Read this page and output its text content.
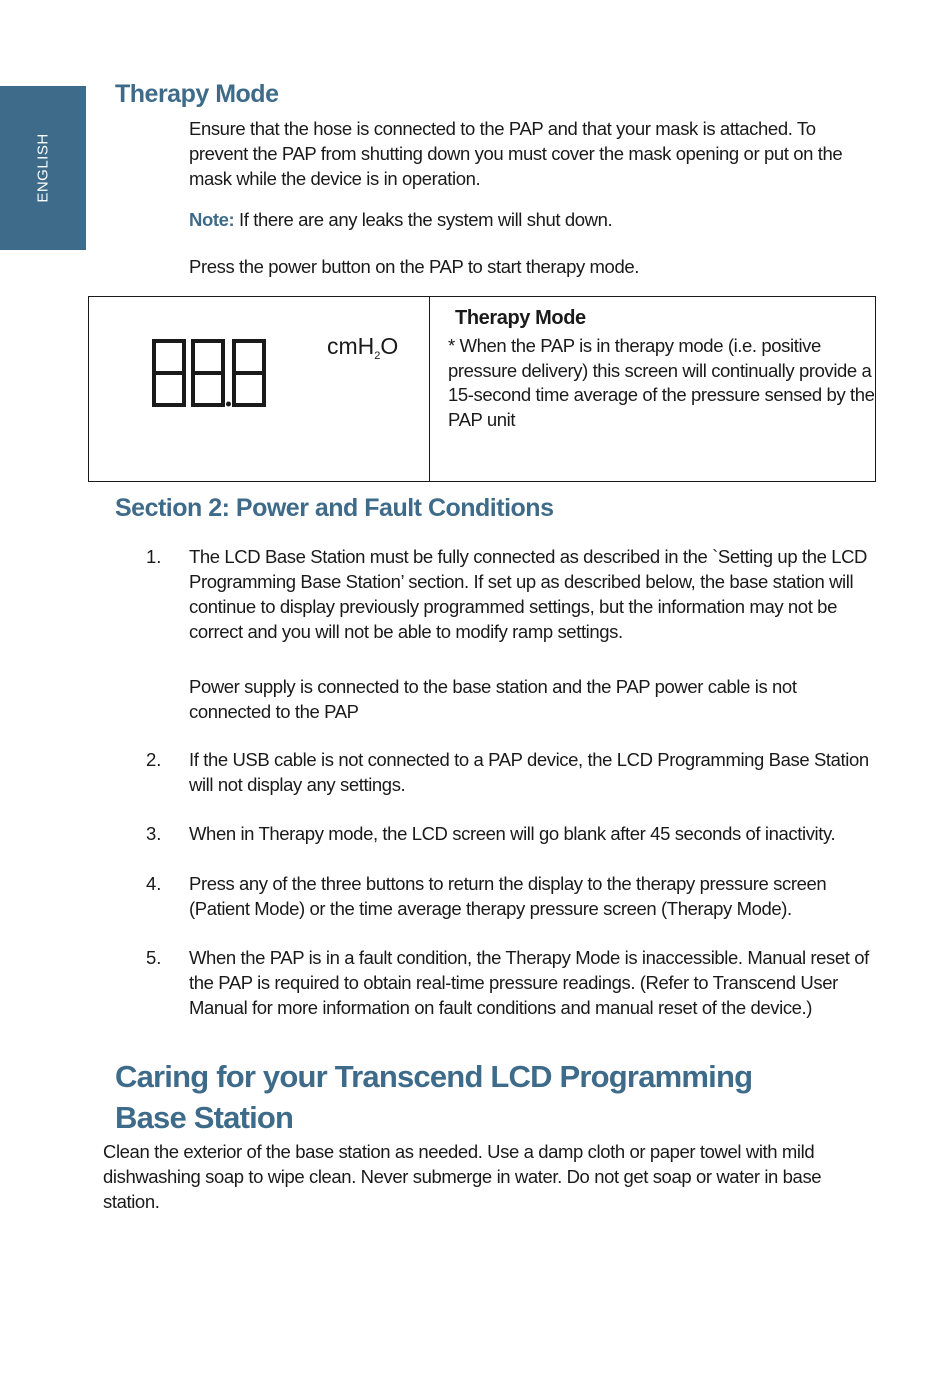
ENGLISH
Therapy Mode

Ensure that the hose is connected to the PAP and that your mask is attached. To prevent the PAP from shutting down you must cover the mask opening or put on the mask while the device is in operation.

Note: If there are any leaks the system will shut down.

Press the power button on the PAP to start therapy mode.

cmH$_2$O
Therapy Mode
* When the PAP is in therapy mode (i.e. positive pressure delivery) this screen will continually provide a 15-second time average of the pressure sensed by the PAP unit
Section 2: Power and Fault Conditions
1. The LCD Base Station must be fully connected as described in the `Setting up the LCD Programming Base Station’ section. If set up as described below, the base station will continue to display previously programmed settings, but the information may not be correct and you will not be able to modify ramp settings.
Power supply is connected to the base station and the PAP power cable is not connected to the PAP
2. If the USB cable is not connected to a PAP device, the LCD Programming Base Station will not display any settings.
3. When in Therapy mode, the LCD screen will go blank after 45 seconds of inactivity.
4. Press any of the three buttons to return the display to the therapy pressure screen (Patient Mode) or the time average therapy pressure screen (Therapy Mode).
5. When the PAP is in a fault condition, the Therapy Mode is inaccessible. Manual reset of the PAP is required to obtain real-time pressure readings. (Refer to Transcend User Manual for more information on fault conditions and manual reset of the device.)
Caring for your Transcend LCD Programming Base Station

Clean the exterior of the base station as needed. Use a damp cloth or paper towel with mild dishwashing soap to wipe clean. Never submerge in water. Do not get soap or water in base station.
